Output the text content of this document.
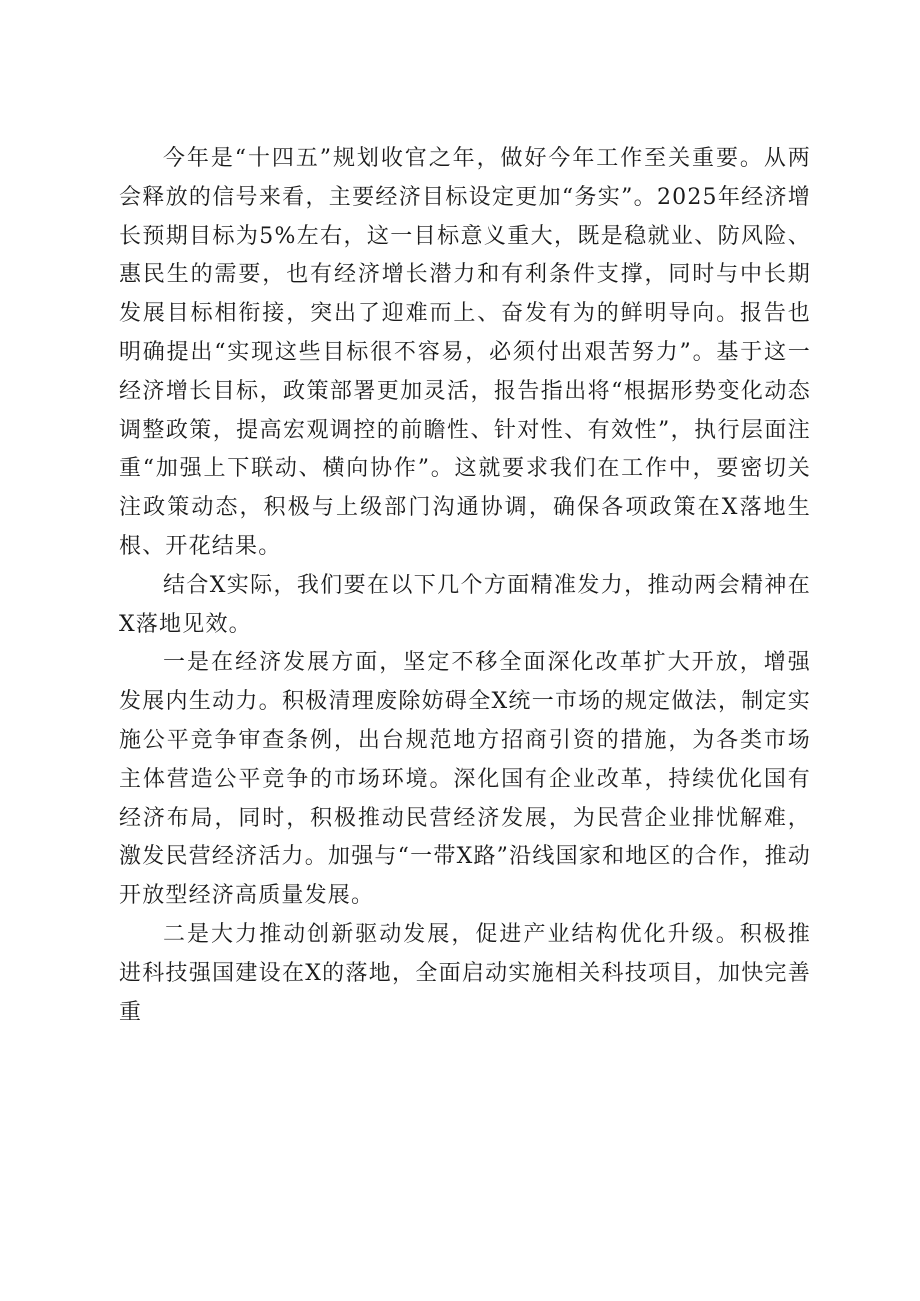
今年是“十四五”规划收官之年，做好今年工作至关重要。从两会释放的信号来看，主要经济目标设定更加“务实”。2025年经济增长预期目标为5%左右，这一目标意义重大，既是稳就业、防风险、惠民生的需要，也有经济增长潜力和有利条件支撑，同时与中长期发展目标相衔接，突出了迎难而上、奋发有为的鲜明导向。报告也明确提出“实现这些目标很不容易，必须付出艰苦努力”。基于这一经济增长目标，政策部署更加灵活，报告指出将“根据形势变化动态调整政策，提高宏观调控的前瞻性、针对性、有效性”，执行层面注重“加强上下联动、横向协作”。这就要求我们在工作中，要密切关注政策动态，积极与上级部门沟通协调，确保各项政策在X落地生根、开花结果。

结合X实际，我们要在以下几个方面精准发力，推动两会精神在X落地见效。

一是在经济发展方面，坚定不移全面深化改革扩大开放，增强发展内生动力。积极清理废除妨碍全X统一市场的规定做法，制定实施公平竞争审查条例，出台规范地方招商引资的措施，为各类市场主体营造公平竞争的市场环境。深化国有企业改革，持续优化国有经济布局，同时，积极推动民营经济发展，为民营企业排忧解难，激发民营经济活力。加强与“一带X路”沿线国家和地区的合作，推动开放型经济高质量发展。

二是大力推动创新驱动发展，促进产业结构优化升级。积极推进科技强国建设在X的落地，全面启动实施相关科技项目，加快完善重
